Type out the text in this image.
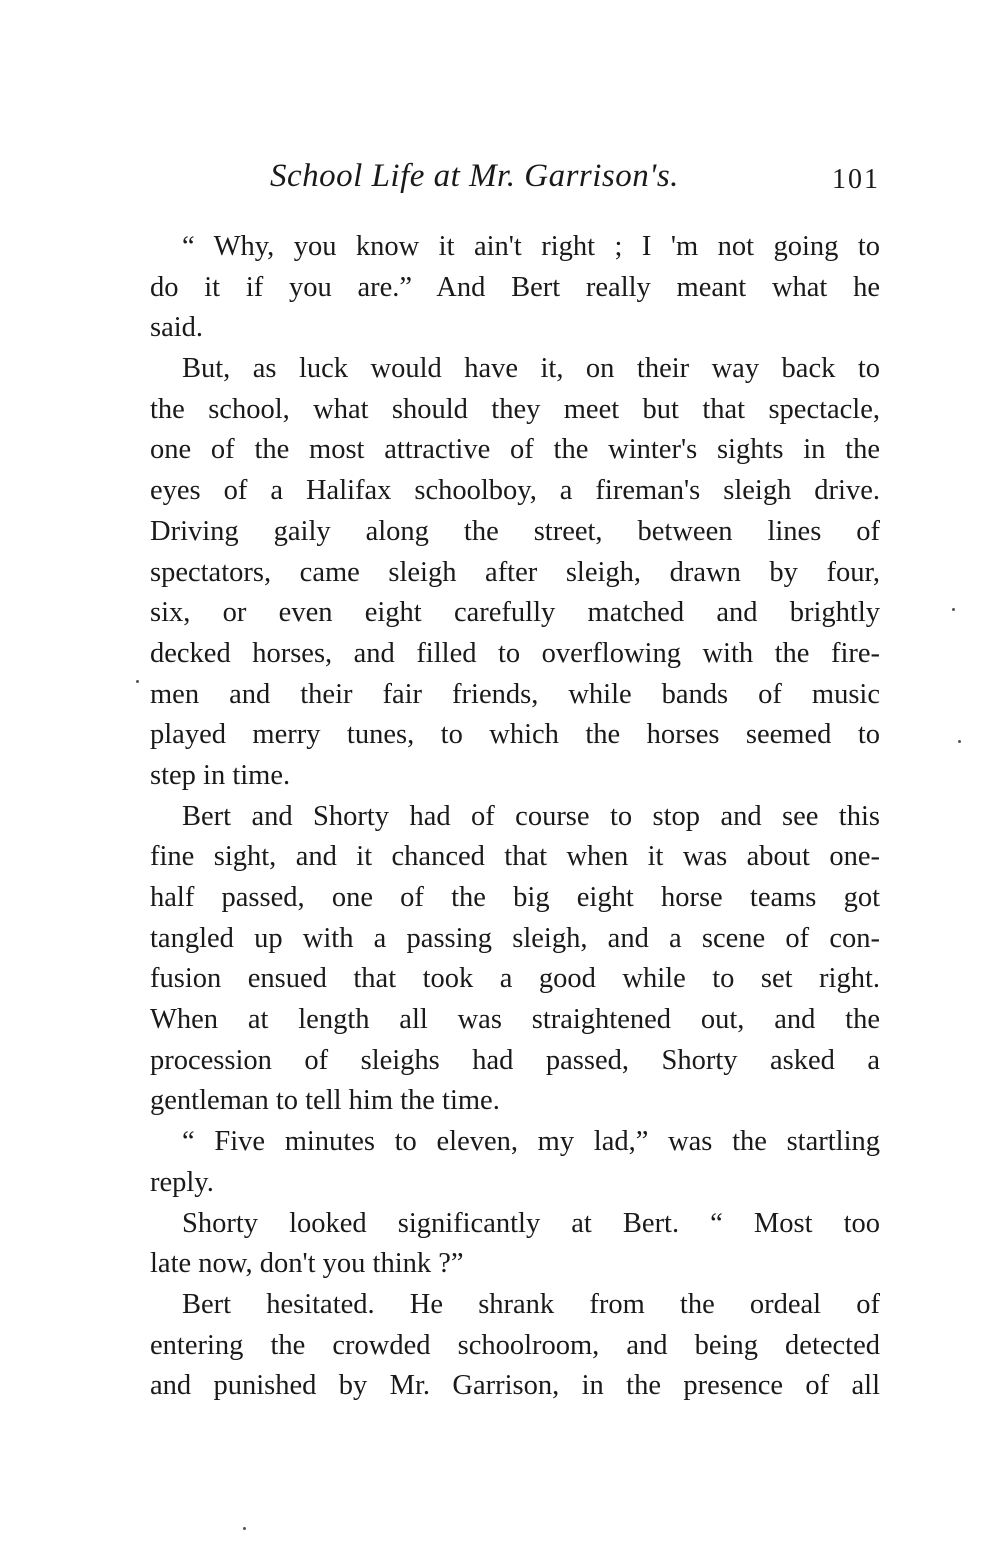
School Life at Mr. Garrison's.	101
“ Why, you know it ain't right ; I 'm not going to
do it if you are.” And Bert really meant what he
said.
But, as luck would have it, on their way back to
the school, what should they meet but that spectacle,
one of the most attractive of the winter's sights in the
eyes of a Halifax schoolboy, a fireman's sleigh drive.
Driving gaily along the street, between lines of
spectators, came sleigh after sleigh, drawn by four,
six, or even eight carefully matched and brightly
decked horses, and filled to overflowing with the fire-
men and their fair friends, while bands of music
played merry tunes, to which the horses seemed to
step in time.
Bert and Shorty had of course to stop and see this
fine sight, and it chanced that when it was about one-
half passed, one of the big eight horse teams got
tangled up with a passing sleigh, and a scene of con-
fusion ensued that took a good while to set right.
When at length all was straightened out, and the
procession of sleighs had passed, Shorty asked a
gentleman to tell him the time.
“ Five minutes to eleven, my lad,” was the startling
reply.
Shorty looked significantly at Bert. “ Most too
late now, don't you think ?”
Bert hesitated. He shrank from the ordeal of
entering the crowded schoolroom, and being detected
and punished by Mr. Garrison, in the presence of all
